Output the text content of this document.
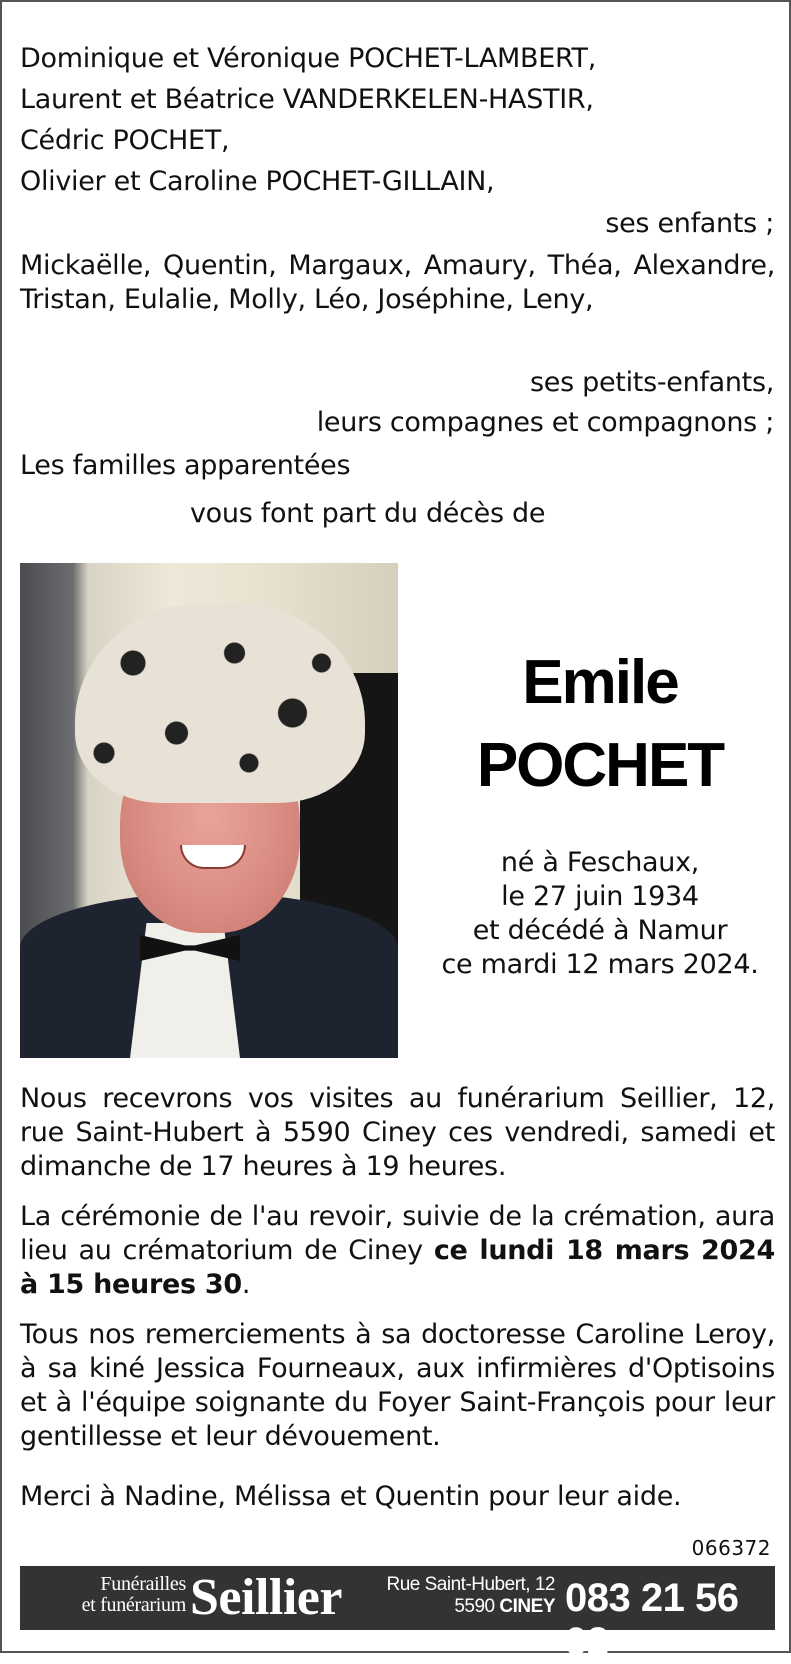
Dominique et Véronique POCHET-LAMBERT,
Laurent et Béatrice VANDERKELEN-HASTIR,
Cédric POCHET,
Olivier et Caroline POCHET-GILLAIN,
ses enfants ;
Mickaëlle, Quentin, Margaux, Amaury, Théa, Alexandre, Tristan, Eulalie, Molly, Léo, Joséphine, Leny,
ses petits-enfants,
leurs compagnes et compagnons ;
Les familles apparentées
vous font part du décès de
Emile
POCHET
né à Feschaux,
le 27 juin 1934
et décédé à Namur
ce mardi 12 mars 2024.
Nous recevrons vos visites au funérarium Seillier, 12, rue Saint-Hubert à 5590 Ciney ces vendredi, samedi et dimanche de 17 heures à 19 heures.
La cérémonie de l'au revoir, suivie de la crémation, aura lieu au crématorium de Ciney ce lundi 18 mars 2024 à 15 heures 30.
Tous nos remerciements à sa doctoresse Caroline Leroy, à sa kiné Jessica Fourneaux, aux infirmières d'Optisoins et à l'équipe soignante du Foyer Saint-François pour leur gentillesse et leur dévouement.
Merci à Nadine, Mélissa et Quentin pour leur aide.
066372
Funérailles
et funérarium Seillier	Rue Saint-Hubert, 12
5590 CINEY 083 21 56 02
